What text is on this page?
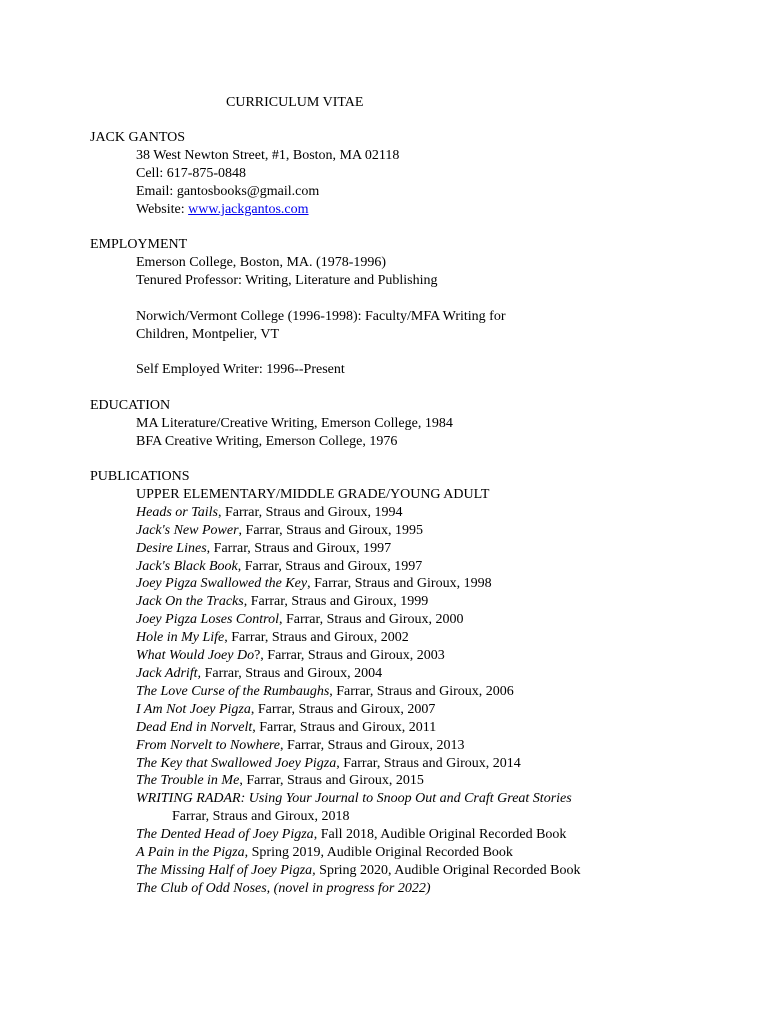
CURRICULUM VITAE
JACK GANTOS
38 West Newton Street, #1, Boston, MA 02118
Cell: 617-875-0848
Email: gantosbooks@gmail.com
Website: www.jackgantos.com
EMPLOYMENT
Emerson College, Boston, MA. (1978-1996)
Tenured Professor: Writing, Literature and Publishing
Norwich/Vermont College (1996-1998): Faculty/MFA Writing for
Children, Montpelier, VT
Self Employed Writer: 1996--Present
EDUCATION
MA Literature/Creative Writing, Emerson College, 1984
BFA Creative Writing, Emerson College, 1976
PUBLICATIONS
UPPER ELEMENTARY/MIDDLE GRADE/YOUNG ADULT
Heads or Tails, Farrar, Straus and Giroux, 1994
Jack's New Power, Farrar, Straus and Giroux, 1995
Desire Lines, Farrar, Straus and Giroux, 1997
Jack's Black Book, Farrar, Straus and Giroux, 1997
Joey Pigza Swallowed the Key, Farrar, Straus and Giroux, 1998
Jack On the Tracks, Farrar, Straus and Giroux, 1999
Joey Pigza Loses Control, Farrar, Straus and Giroux, 2000
Hole in My Life, Farrar, Straus and Giroux, 2002
What Would Joey Do?, Farrar, Straus and Giroux, 2003
Jack Adrift, Farrar, Straus and Giroux, 2004
The Love Curse of the Rumbaughs, Farrar, Straus and Giroux, 2006
I Am Not Joey Pigza, Farrar, Straus and Giroux, 2007
Dead End in Norvelt, Farrar, Straus and Giroux, 2011
From Norvelt to Nowhere, Farrar, Straus and Giroux, 2013
The Key that Swallowed Joey Pigza, Farrar, Straus and Giroux, 2014
The Trouble in Me, Farrar, Straus and Giroux, 2015
WRITING RADAR: Using Your Journal to Snoop Out and Craft Great Stories
Farrar, Straus and Giroux, 2018
The Dented Head of Joey Pigza, Fall 2018, Audible Original Recorded Book
A Pain in the Pigza, Spring 2019, Audible Original Recorded Book
The Missing Half of Joey Pigza, Spring 2020, Audible Original Recorded Book
The Club of Odd Noses, (novel in progress for 2022)
